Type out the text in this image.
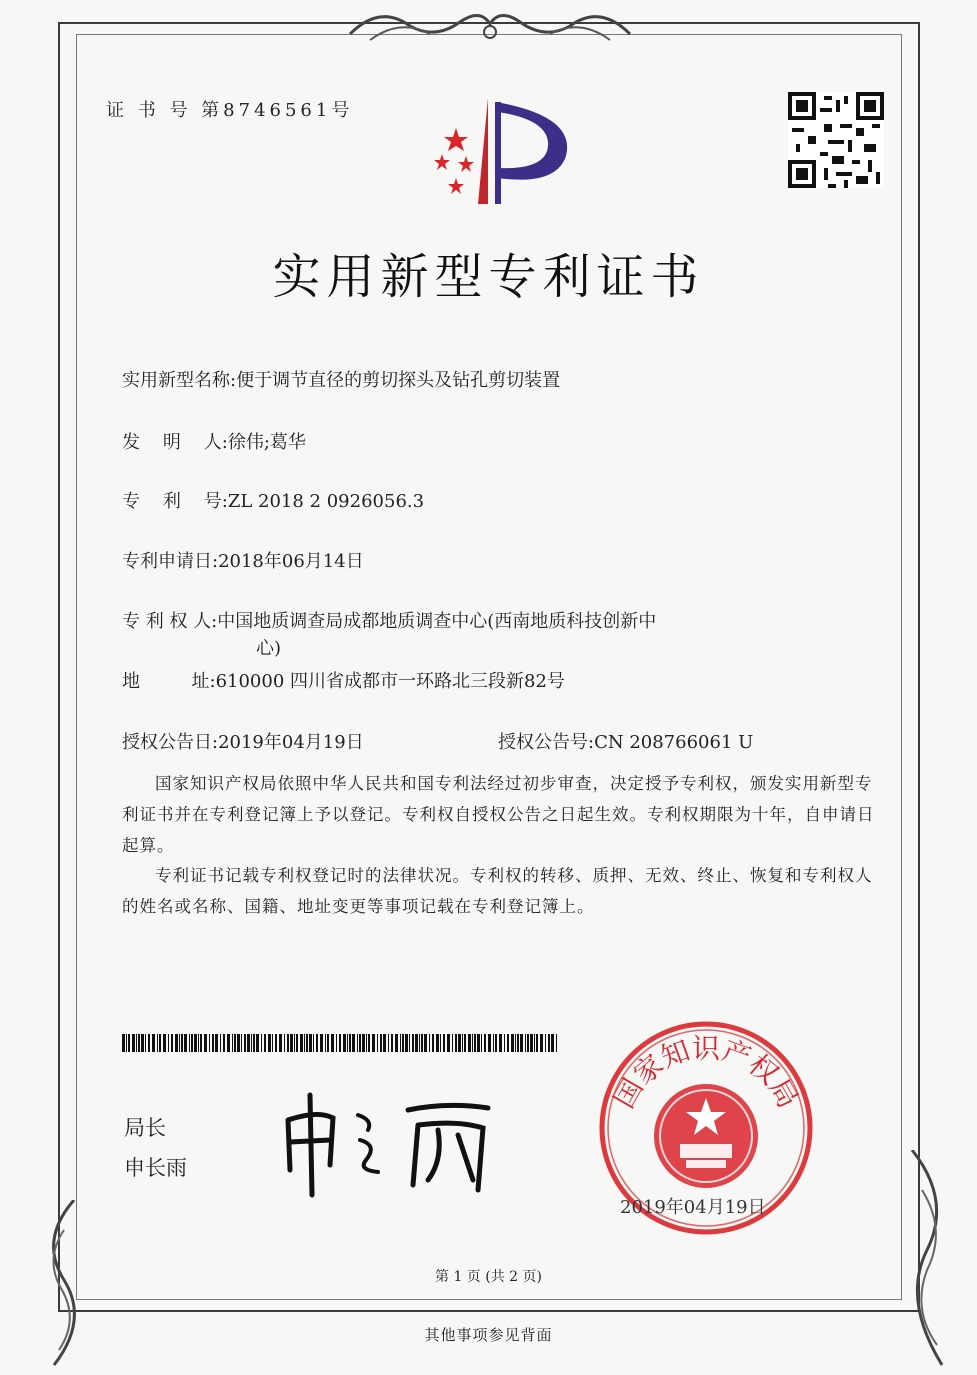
证 书 号 第8746561号
实用新型专利证书
实用新型名称:便于调节直径的剪切探头及钻孔剪切装置
发    明    人:徐伟;葛华
专    利    号:ZL 2018 2 0926056.3
专利申请日:2018年06月14日
专 利 权 人:中国地质调查局成都地质调查中心(西南地质科技创新中
心)
地         址:610000 四川省成都市一环路北三段新82号
授权公告日:2019年04月19日	授权公告号:CN 208766061 U
国家知识产权局依照中华人民共和国专利法经过初步审查，决定授予专利权，颁发实用新型专利证书并在专利登记簿上予以登记。专利权自授权公告之日起生效。专利权期限为十年，自申请日起算。
专利证书记载专利权登记时的法律状况。专利权的转移、质押、无效、终止、恢复和专利权人的姓名或名称、国籍、地址变更等事项记载在专利登记簿上。
局长
申长雨
国
家
知
识
产
权
局
2019年04月19日
第 1 页 (共 2 页)
其他事项参见背面
